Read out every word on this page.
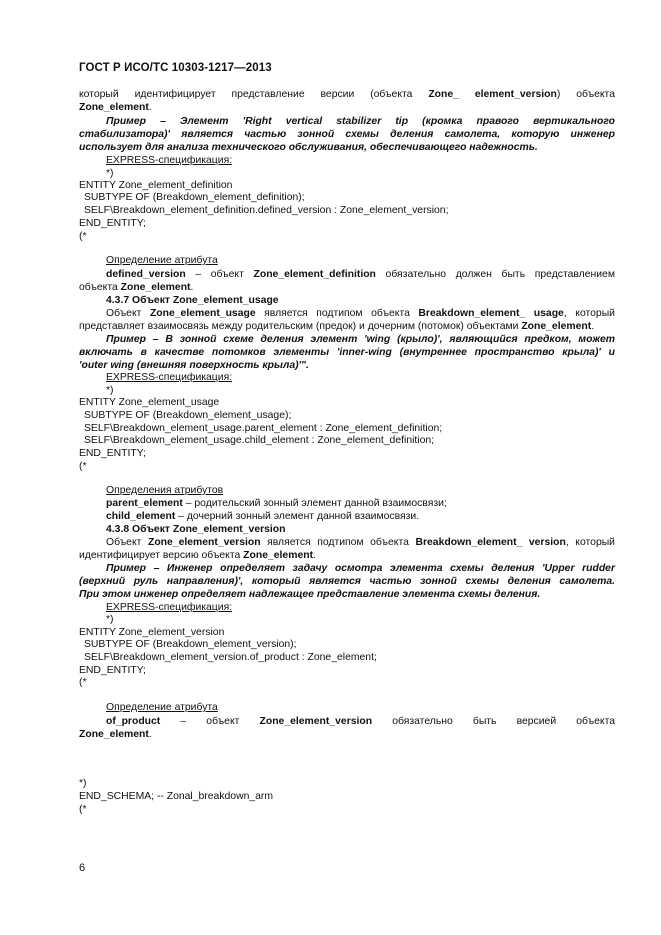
ГОСТ Р ИСО/ТС 10303-1217—2013
который идентифицирует представление версии (объекта Zone_ element_version) объекта
Zone_element.
Пример – Элемент 'Right vertical stabilizer tip (кромка правого вертикального
стабилизатора)' является частью зонной схемы деления самолета, которую инженер
использует для анализа технического обслуживания, обеспечивающего надежность.
EXPRESS-спецификация:
*)
ENTITY Zone_element_definition
SUBTYPE OF (Breakdown_element_definition);
SELF\Breakdown_element_definition.defined_version : Zone_element_version;
END_ENTITY;
(*
Определение атрибута
defined_version – объект Zone_element_definition обязательно должен быть представлением
объекта Zone_element.
4.3.7 Объект Zone_element_usage
Объект Zone_element_usage является подтипом объекта Breakdown_element_ usage, который
представляет взаимосвязь между родительским (предок) и дочерним (потомок) объектами Zone_element.
Пример – В зонной схеме деления элемент 'wing (крыло)', являющийся предком, может
включать в качестве потомков элементы 'inner-wing (внутреннее пространство крыла)' и
'outer wing (внешняя поверхность крыла)'".
EXPRESS-спецификация:
*)
ENTITY Zone_element_usage
SUBTYPE OF (Breakdown_element_usage);
SELF\Breakdown_element_usage.parent_element : Zone_element_definition;
SELF\Breakdown_element_usage.child_element : Zone_element_definition;
END_ENTITY;
(*
Определения атрибутов
parent_element – родительский зонный элемент данной взаимосвязи;
child_element – дочерний зонный элемент данной взаимосвязи.
4.3.8 Объект Zone_element_version
Объект Zone_element_version является подтипом объекта Breakdown_element_ version, который
идентифицирует версию объекта Zone_element.
Пример – Инженер определяет задачу осмотра элемента схемы деления 'Upper rudder
(верхний руль направления)', который является частью зонной схемы деления самолета.
При этом инженер определяет надлежащее представление элемента схемы деления.
EXPRESS-спецификация:
*)
ENTITY Zone_element_version
SUBTYPE OF (Breakdown_element_version);
SELF\Breakdown_element_version.of_product : Zone_element;
END_ENTITY;
(*
Определение атрибута
of_product – объект Zone_element_version обязательно быть версией объекта
Zone_element.
*)
END_SCHEMA; -- Zonal_breakdown_arm
(*
6
